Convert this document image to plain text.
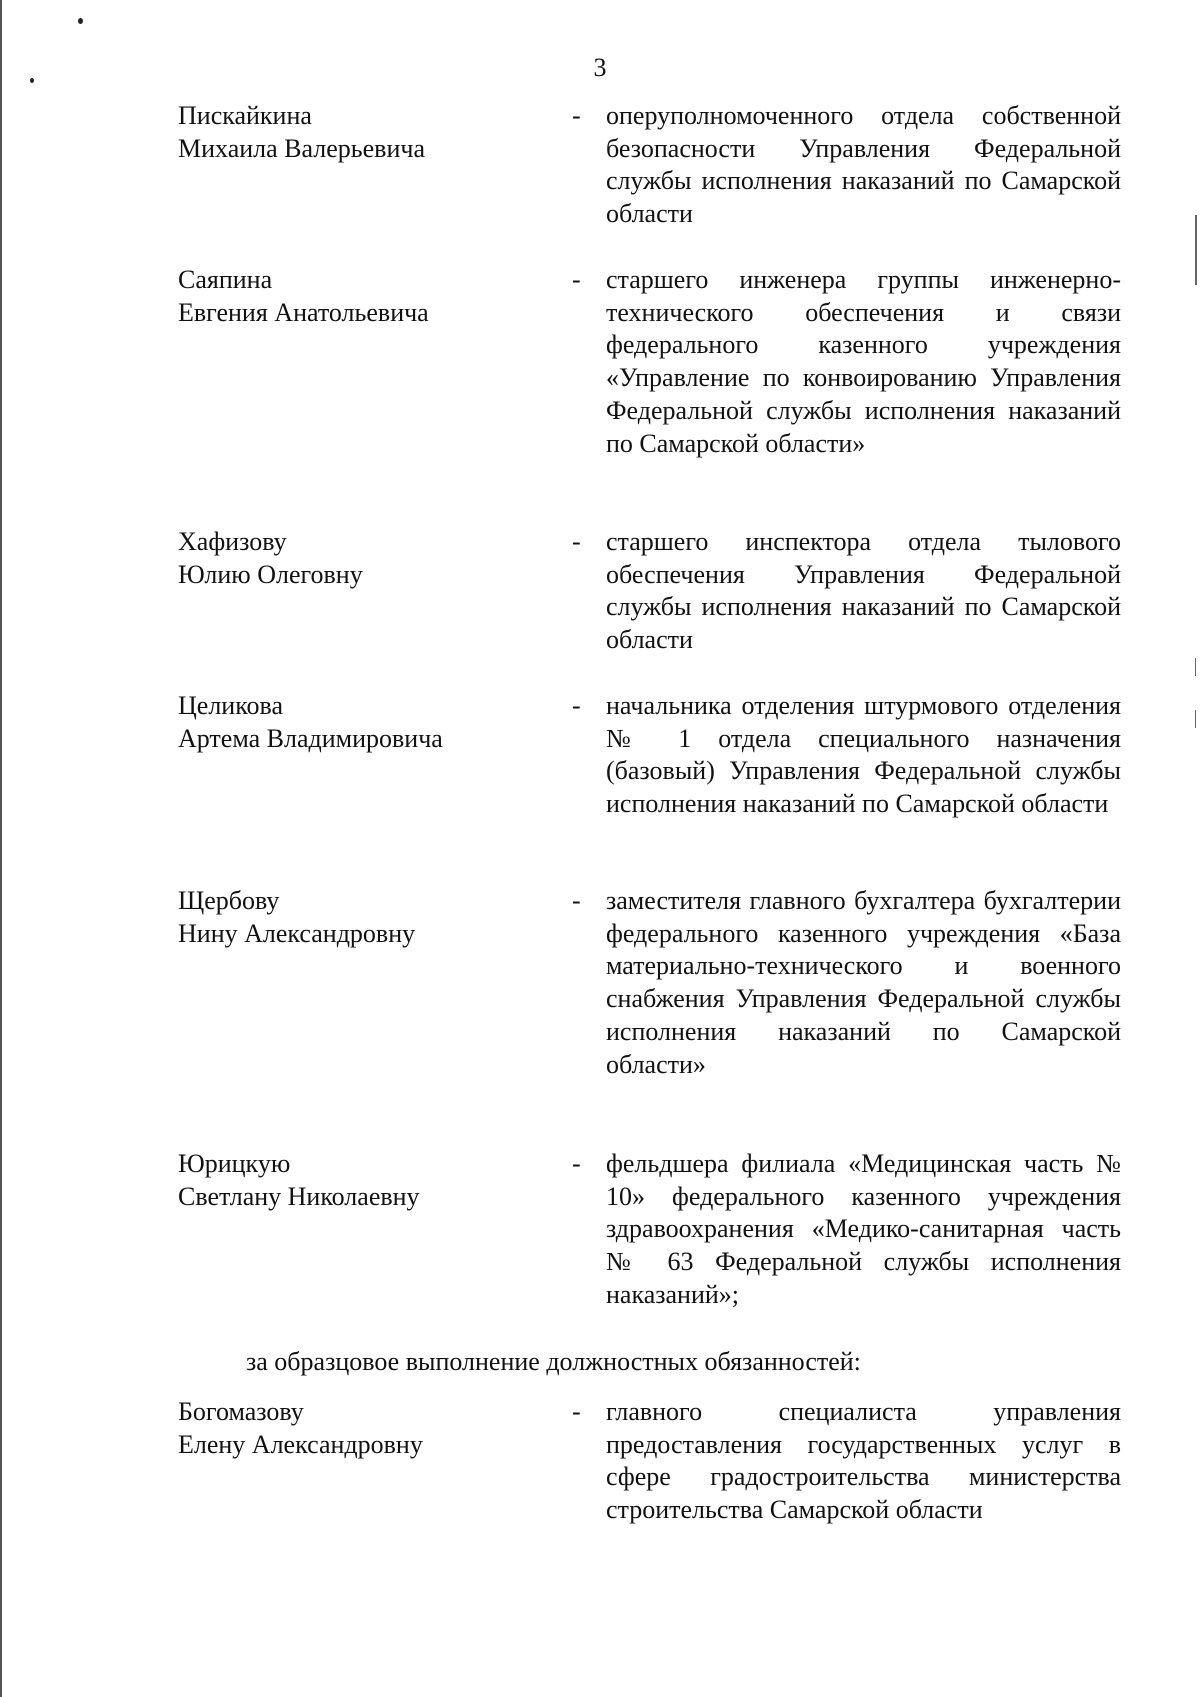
3
Пискайкина
Михаила Валерьевича
- оперуполномоченного отдела собственной безопасности Управления Федеральной службы исполнения наказаний по Самарской области
Саяпина
Евгения Анатольевича
- старшего инженера группы инженерно-технического обеспечения и связи федерального казенного учреждения «Управление по конвоированию Управления Федеральной службы исполнения наказаний по Самарской области»
Хафизову
Юлию Олеговну
- старшего инспектора отдела тылового обеспечения Управления Федеральной службы исполнения наказаний по Самарской области
Целикова
Артема Владимировича
- начальника отделения штурмового отделения № 1 отдела специального назначения (базовый) Управления Федеральной службы исполнения наказаний по Самарской области
Щербову
Нину Александровну
- заместителя главного бухгалтера бухгалтерии федерального казенного учреждения «База материально-технического и военного снабжения Управления Федеральной службы исполнения наказаний по Самарской области»
Юрицкую
Светлану Николаевну
- фельдшера филиала «Медицинская часть № 10» федерального казенного учреждения здравоохранения «Медико-санитарная часть № 63 Федеральной службы исполнения наказаний»;
за образцовое выполнение должностных обязанностей:
Богомазову
Елену Александровну
- главного специалиста управления предоставления государственных услуг в сфере градостроительства министерства строительства Самарской области
